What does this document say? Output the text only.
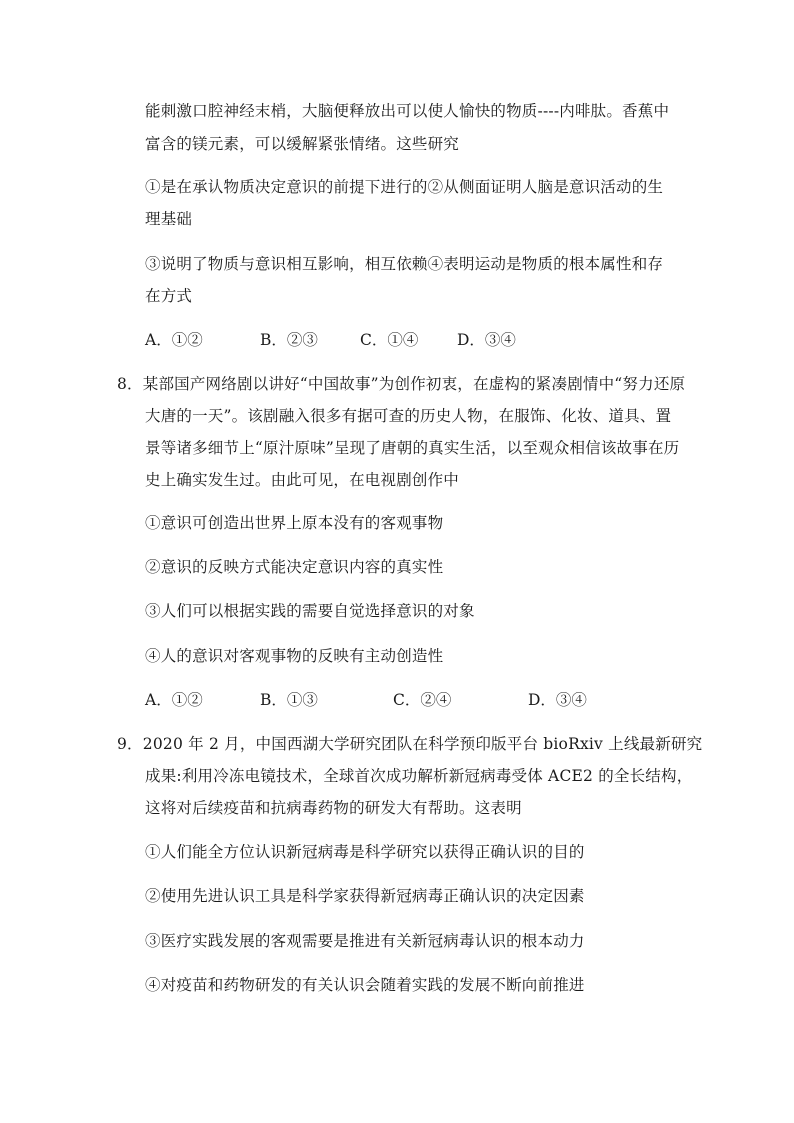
能刺激口腔神经末梢，大脑便释放出可以使人愉快的物质----内啡肽。香蕉中
富含的镁元素，可以缓解紧张情绪。这些研究
①是在承认物质决定意识的前提下进行的②从侧面证明人脑是意识活动的生
理基础
③说明了物质与意识相互影响，相互依赖④表明运动是物质的根本属性和存
在方式
A．①②	B．②③	C．①④ D．③④
8．某部国产网络剧以讲好“中国故事”为创作初衷，在虚构的紧凑剧情中“努力还原
大唐的一天”。该剧融入很多有据可查的历史人物，在服饰、化妆、道具、置
景等诸多细节上“原汁原味”呈现了唐朝的真实生活，以至观众相信该故事在历
史上确实发生过。由此可见，在电视剧创作中
①意识可创造出世界上原本没有的客观事物
②意识的反映方式能决定意识内容的真实性
③人们可以根据实践的需要自觉选择意识的对象
④人的意识对客观事物的反映有主动创造性
A．①②	B．①③	C．②④	D．③④
9．2020 年 2 月，中国西湖大学研究团队在科学预印版平台 bioRxiv 上线最新研究
成果:利用冷冻电镜技术，全球首次成功解析新冠病毒受体 ACE2 的全长结构，
这将对后续疫苗和抗病毒药物的研发大有帮助。这表明
①人们能全方位认识新冠病毒是科学研究以获得正确认识的目的
②使用先进认识工具是科学家获得新冠病毒正确认识的决定因素
③医疗实践发展的客观需要是推进有关新冠病毒认识的根本动力
④对疫苗和药物研发的有关认识会随着实践的发展不断向前推进
